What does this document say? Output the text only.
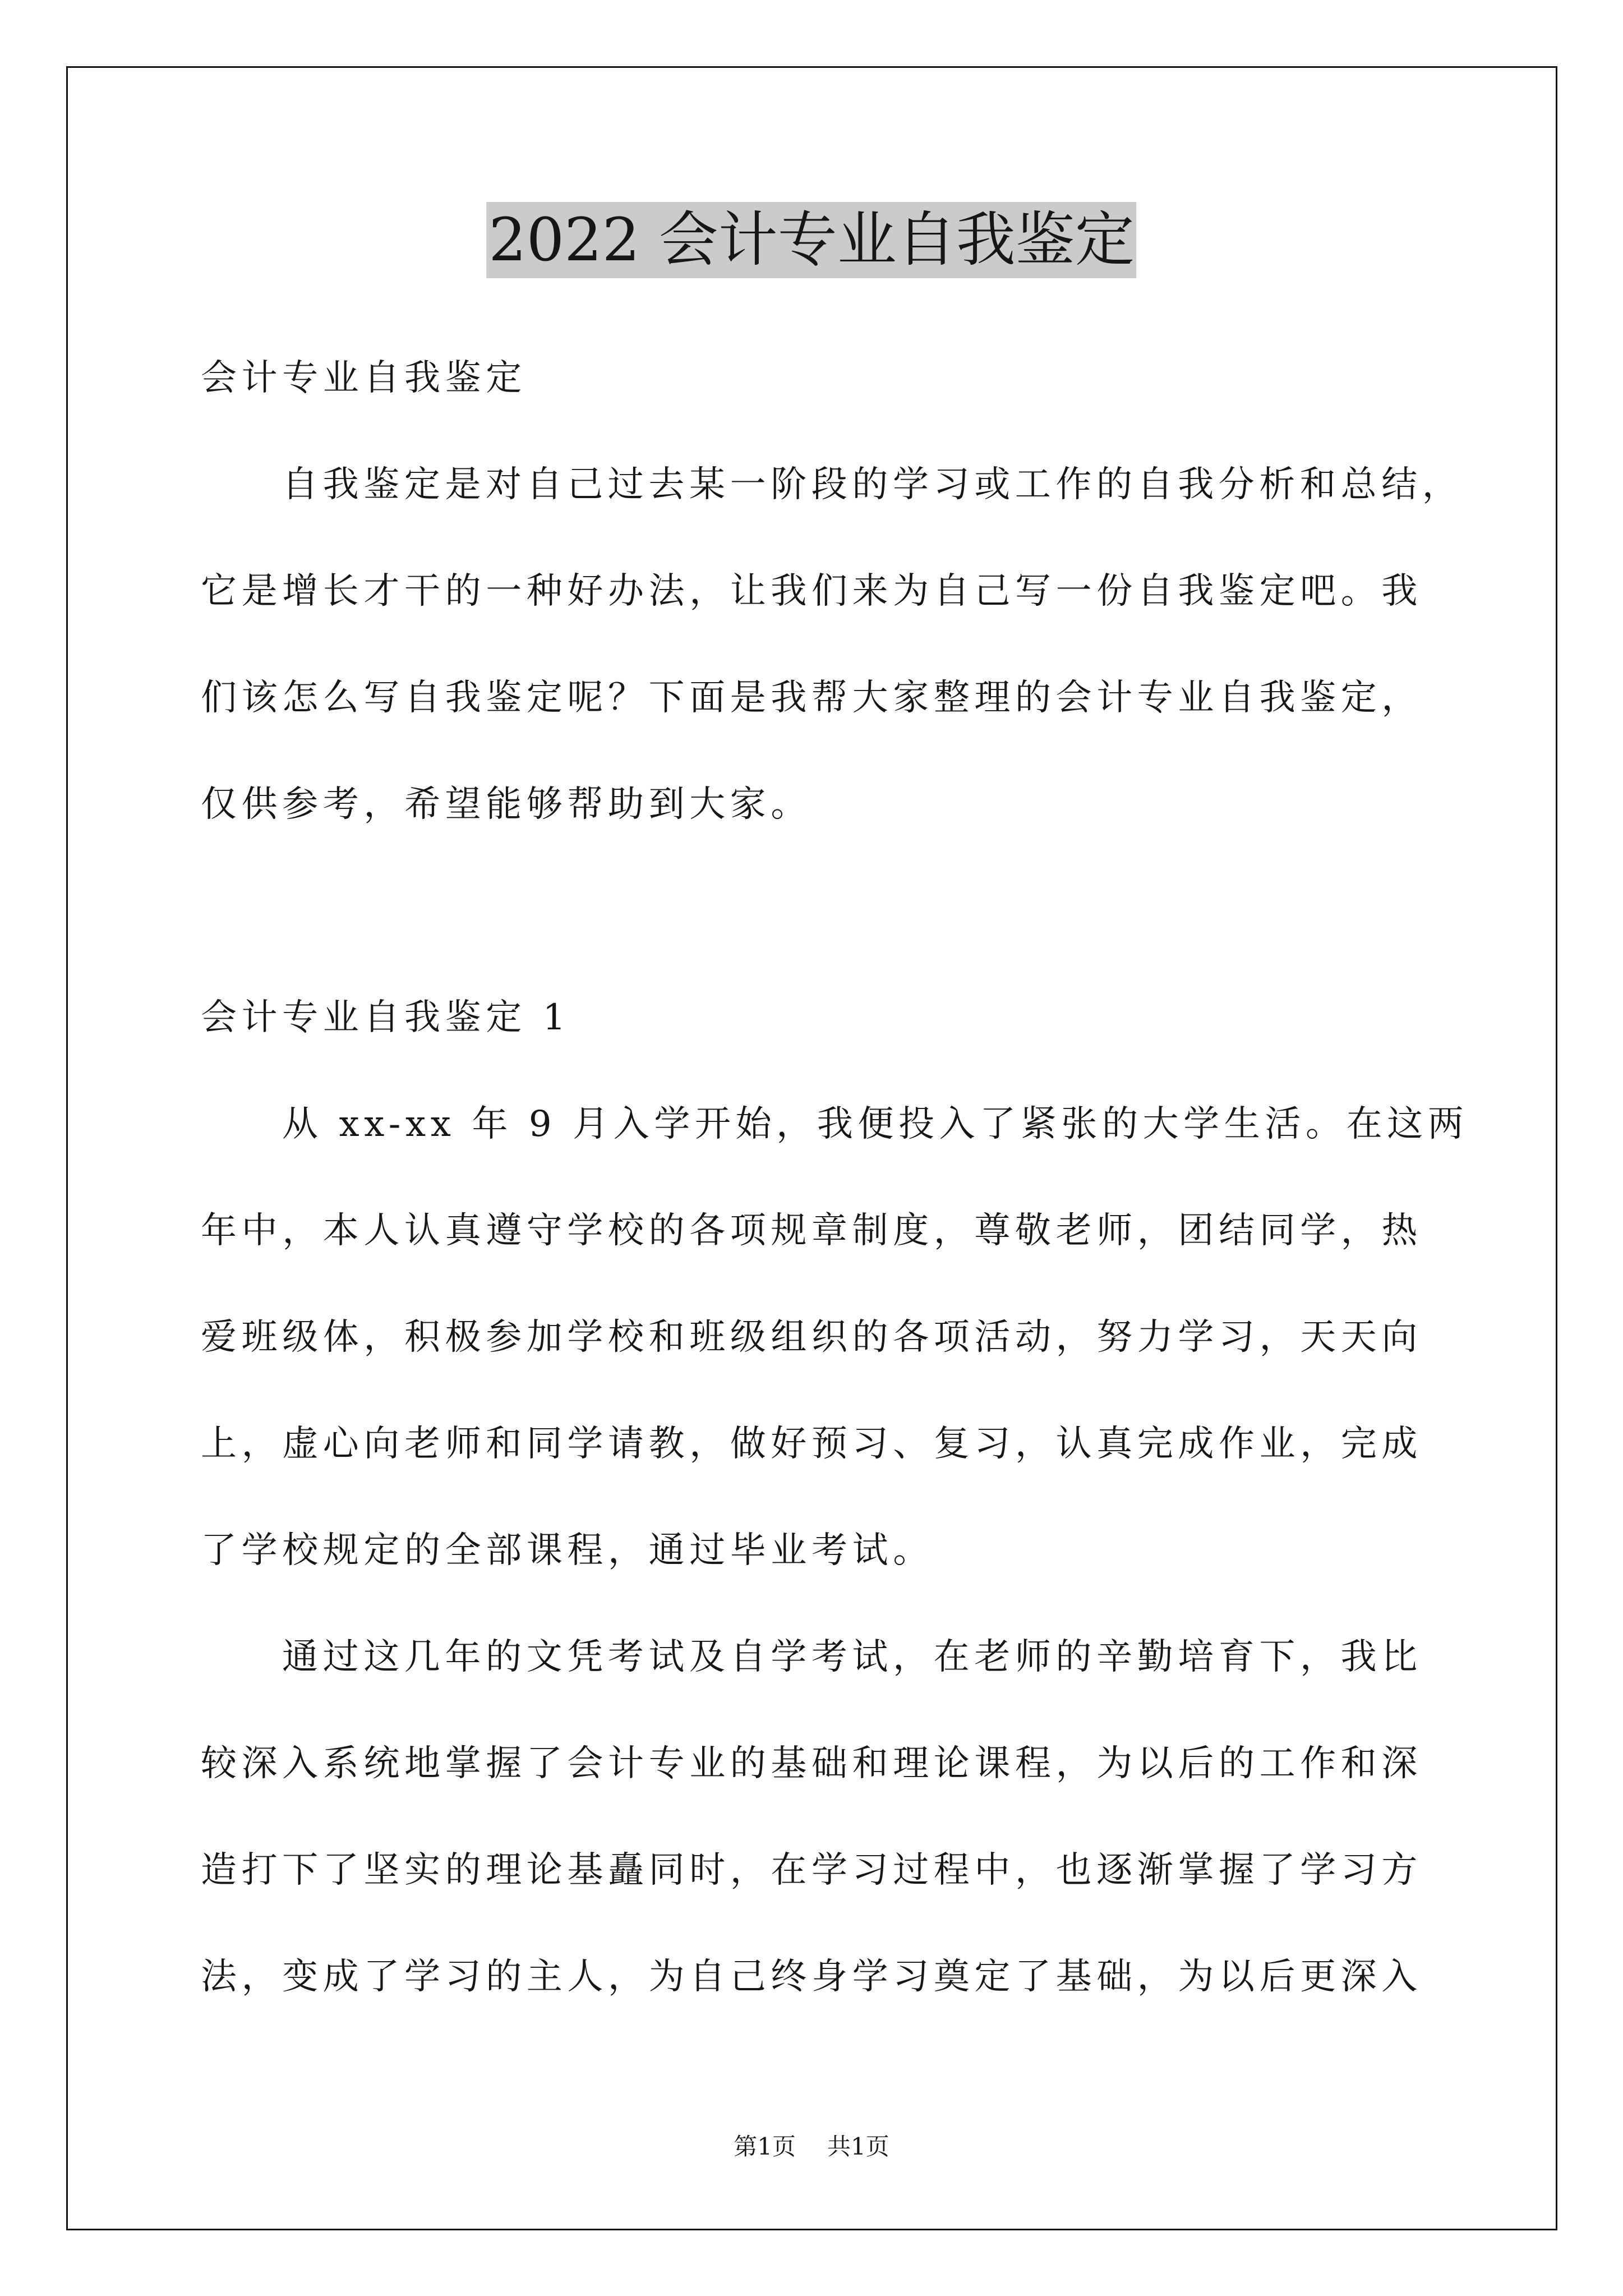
2022 会计专业自我鉴定
会计专业自我鉴定
自我鉴定是对自己过去某一阶段的学习或工作的自我分析和总结，
它是增长才干的一种好办法，让我们来为自己写一份自我鉴定吧。我
们该怎么写自我鉴定呢？下面是我帮大家整理的会计专业自我鉴定，
仅供参考，希望能够帮助到大家。
会计专业自我鉴定 1
从 xx-xx 年 9 月入学开始，我便投入了紧张的大学生活。在这两
年中，本人认真遵守学校的各项规章制度，尊敬老师，团结同学，热
爱班级体，积极参加学校和班级组织的各项活动，努力学习，天天向
上，虚心向老师和同学请教，做好预习、复习，认真完成作业，完成
了学校规定的全部课程，通过毕业考试。
通过这几年的文凭考试及自学考试，在老师的辛勤培育下，我比
较深入系统地掌握了会计专业的基础和理论课程，为以后的工作和深
造打下了坚实的理论基矗同时，在学习过程中，也逐渐掌握了学习方
法，变成了学习的主人，为自己终身学习奠定了基础，为以后更深入
第1页 共1页
